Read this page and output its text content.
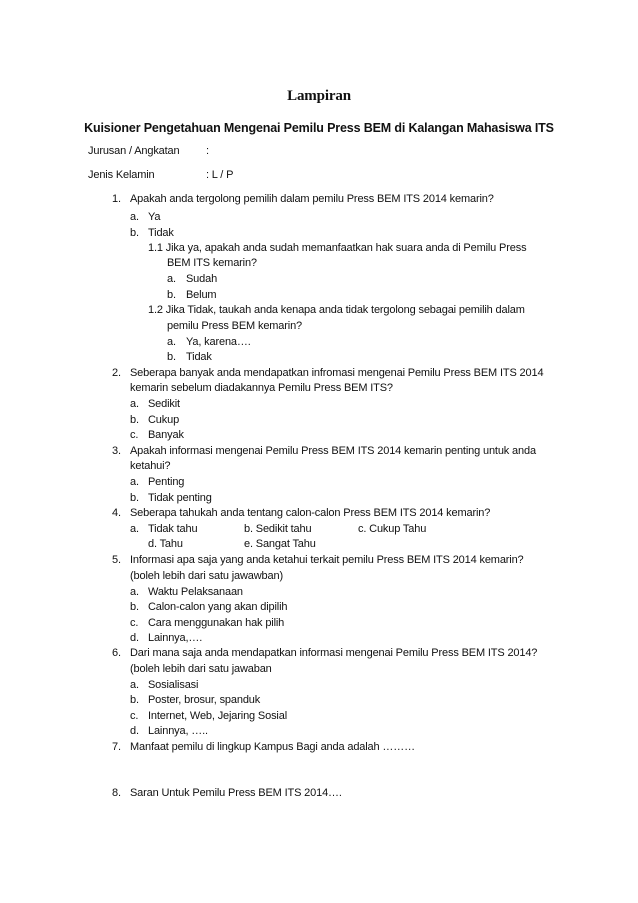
Lampiran
Kuisioner Pengetahuan Mengenai Pemilu Press BEM di Kalangan Mahasiswa ITS
Jurusan / Angkatan :
Jenis Kelamin	: L / P
1. Apakah anda tergolong pemilih dalam pemilu Press BEM ITS 2014 kemarin?
a. Ya
b. Tidak
1.1 Jika ya, apakah anda sudah memanfaatkan hak suara anda di Pemilu Press
BEM ITS kemarin?
a. Sudah
b. Belum
1.2 Jika Tidak, taukah anda kenapa anda tidak tergolong sebagai pemilih dalam
pemilu Press BEM kemarin?
a. Ya, karena….
b. Tidak
2. Seberapa banyak anda mendapatkan infromasi mengenai Pemilu Press BEM ITS 2014
kemarin sebelum diadakannya Pemilu Press BEM ITS?
a. Sedikit
b. Cukup
c. Banyak
3. Apakah informasi mengenai Pemilu Press BEM ITS 2014 kemarin penting untuk anda
ketahui?
a. Penting
b. Tidak penting
4. Seberapa tahukah anda tentang calon-calon Press BEM ITS 2014 kemarin?
a. Tidak tahu	b. Sedikit tahu	c. Cukup Tahu
d. Tahu	e. Sangat Tahu
5. Informasi apa saja yang anda ketahui terkait pemilu Press BEM ITS 2014 kemarin?
(boleh lebih dari satu jawawban)
a. Waktu Pelaksanaan
b. Calon-calon yang akan dipilih
c. Cara menggunakan hak pilih
d. Lainnya,….
6. Dari mana saja anda mendapatkan informasi mengenai Pemilu Press BEM ITS 2014?
(boleh lebih dari satu jawaban
a. Sosialisasi
b. Poster, brosur, spanduk
c. Internet, Web, Jejaring Sosial
d. Lainnya, …..
7. Manfaat pemilu di lingkup Kampus Bagi anda adalah ………
8. Saran Untuk Pemilu Press BEM ITS 2014….
